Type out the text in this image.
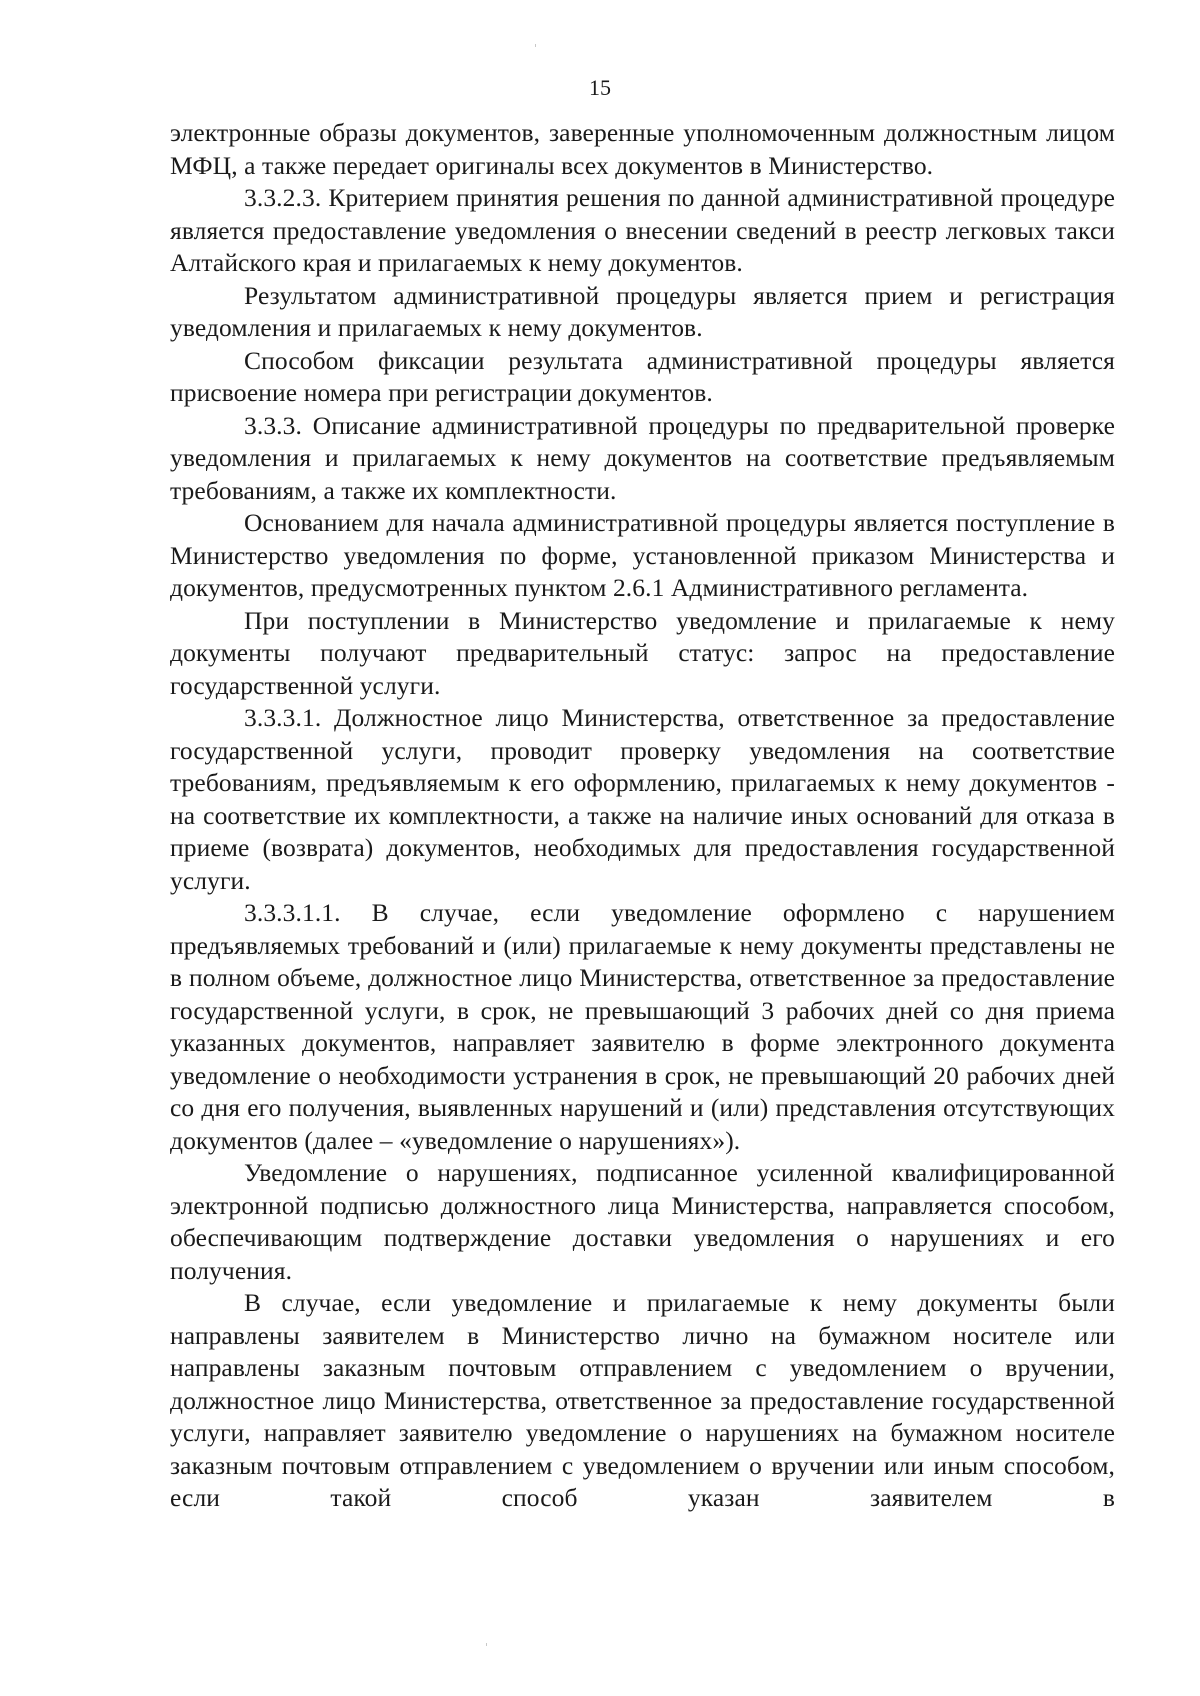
15

электронные образы документов, заверенные уполномоченным должностным лицом МФЦ, а также передает оригиналы всех документов в Министерство.

3.3.2.3. Критерием принятия решения по данной административной процедуре является предоставление уведомления о внесении сведений в реестр легковых такси Алтайского края и прилагаемых к нему документов.

Результатом административной процедуры является прием и регистрация уведомления и прилагаемых к нему документов.

Способом фиксации результата административной процедуры является присвоение номера при регистрации документов.

3.3.3. Описание административной процедуры по предварительной проверке уведомления и прилагаемых к нему документов на соответствие предъявляемым требованиям, а также их комплектности.

Основанием для начала административной процедуры является поступление в Министерство уведомления по форме, установленной приказом Министерства и документов, предусмотренных пунктом 2.6.1 Административного регламента.

При поступлении в Министерство уведомление и прилагаемые к нему документы получают предварительный статус: запрос на предоставление государственной услуги.

3.3.3.1. Должностное лицо Министерства, ответственное за предоставление государственной услуги, проводит проверку уведомления на соответствие требованиям, предъявляемым к его оформлению, прилагаемых к нему документов - на соответствие их комплектности, а также на наличие иных оснований для отказа в приеме (возврата) документов, необходимых для предоставления государственной услуги.

3.3.3.1.1. В случае, если уведомление оформлено с нарушением предъявляемых требований и (или) прилагаемые к нему документы представлены не в полном объеме, должностное лицо Министерства, ответственное за предоставление государственной услуги, в срок, не превышающий 3 рабочих дней со дня приема указанных документов, направляет заявителю в форме электронного документа уведомление о необходимости устранения в срок, не превышающий 20 рабочих дней со дня его получения, выявленных нарушений и (или) представления отсутствующих документов (далее – «уведомление о нарушениях»).

Уведомление о нарушениях, подписанное усиленной квалифицированной электронной подписью должностного лица Министерства, направляется способом, обеспечивающим подтверждение доставки уведомления о нарушениях и его получения.

В случае, если уведомление и прилагаемые к нему документы были направлены заявителем в Министерство лично на бумажном носителе или направлены заказным почтовым отправлением с уведомлением о вручении, должностное лицо Министерства, ответственное за предоставление государственной услуги, направляет заявителю уведомление о нарушениях на бумажном носителе заказным почтовым отправлением с уведомлением о вручении или иным способом, если такой способ указан заявителем в
